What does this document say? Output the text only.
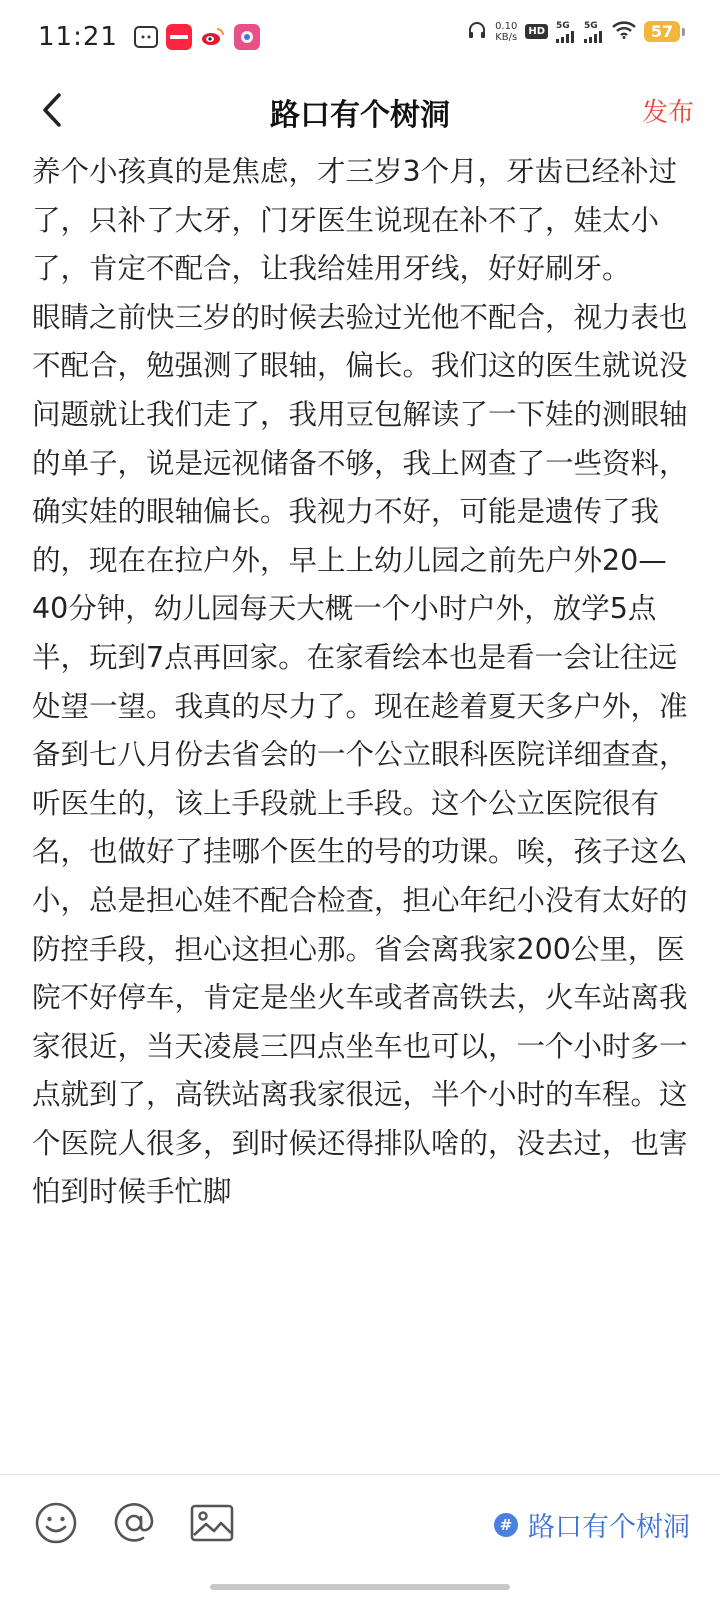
11:21	0.10
KB/s	HD
5G 5G	57
路口有个树洞	发布

养个小孩真的是焦虑，才三岁3个月，牙齿已经补过了，只补了大牙，门牙医生说现在补不了，娃太小了，肯定不配合，让我给娃用牙线，好好刷牙。

眼睛之前快三岁的时候去验过光他不配合，视力表也不配合，勉强测了眼轴，偏长。我们这的医生就说没问题就让我们走了，我用豆包解读了一下娃的测眼轴的单子，说是远视储备不够，我上网查了一些资料，确实娃的眼轴偏长。我视力不好，可能是遗传了我的，现在在拉户外，早上上幼儿园之前先户外20—40分钟，幼儿园每天大概一个小时户外，放学5点半，玩到7点再回家。在家看绘本也是看一会让往远处望一望。我真的尽力了。现在趁着夏天多户外，准备到七八月份去省会的一个公立眼科医院详细查查，听医生的，该上手段就上手段。这个公立医院很有名，也做好了挂哪个医生的号的功课。唉，孩子这么小，总是担心娃不配合检查，担心年纪小没有太好的防控手段，担心这担心那。省会离我家200公里，医院不好停车，肯定是坐火车或者高铁去，火车站离我家很近，当天凌晨三四点坐车也可以，一个小时多一点就到了，高铁站离我家很远，半个小时的车程。这个医院人很多，到时候还得排队啥的，没去过，也害怕到时候手忙脚

# 路口有个树洞
